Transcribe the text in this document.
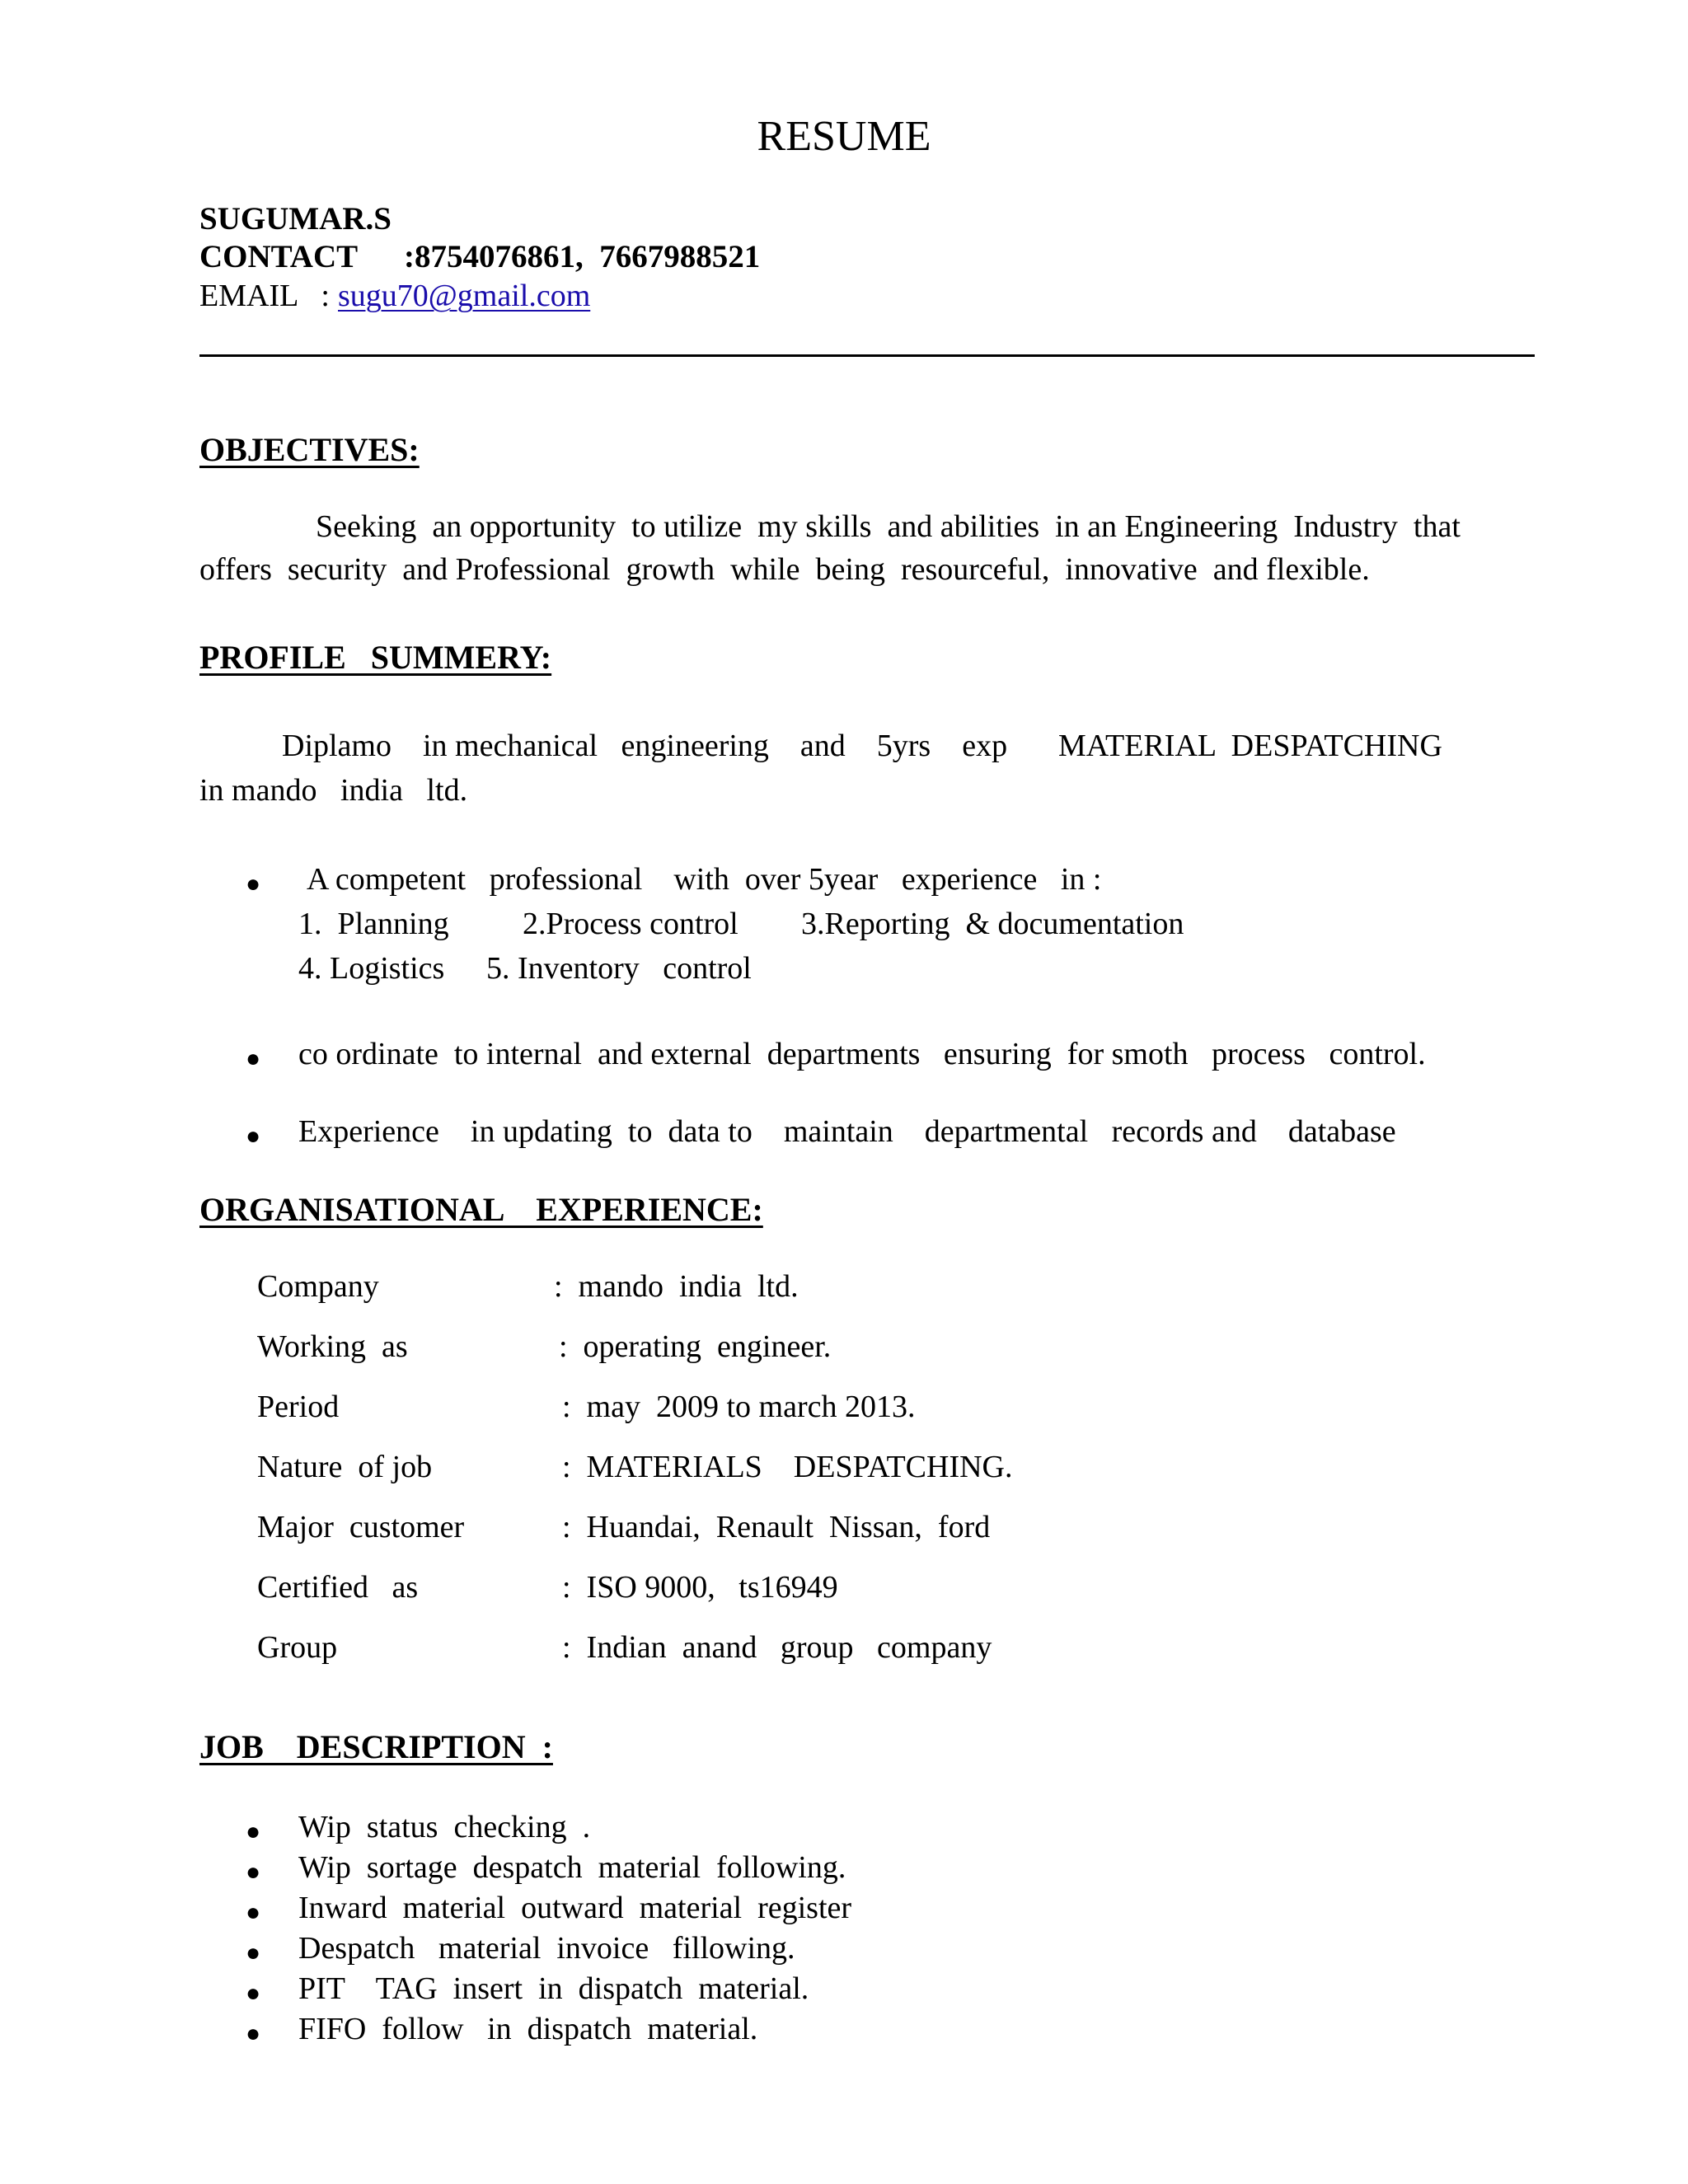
RESUME
SUGUMAR.S
CONTACT :8754076861,  7667988521
EMAIL   : sugu70@gmail.com
OBJECTIVES:
Seeking  an opportunity  to utilize  my skills  and abilities  in an Engineering  Industry  that
offers  security  and Professional  growth  while  being  resourceful,  innovative  and flexible.
PROFILE   SUMMERY:
Diplamo    in mechanical   engineering    and    5yrs    exp MATERIAL  DESPATCHING
in mando   india   ltd.
● A competent   professional    with  over 5year   experience   in :
1.  Planning 2.Process control 3.Reporting  & documentation
4. Logistics 5. Inventory   control
● co ordinate  to internal  and external  departments   ensuring  for smoth   process   control.
● Experience    in updating  to  data to    maintain    departmental   records and    database
ORGANISATIONAL    EXPERIENCE:
Company	:  mando  india  ltd.
Working  as	:  operating  engineer.
Period	:  may  2009 to march 2013.
Nature  of job	:  MATERIALS    DESPATCHING.
Major  customer	:  Huandai,  Renault  Nissan,  ford
Certified   as	:  ISO 9000,   ts16949
Group	:  Indian  anand   group   company
JOB    DESCRIPTION  :
● Wip  status  checking  .
● Wip  sortage  despatch  material  following.
● Inward  material  outward  material  register
● Despatch   material  invoice   fillowing.
● PIT    TAG  insert  in  dispatch  material.
● FIFO  follow   in  dispatch  material.
